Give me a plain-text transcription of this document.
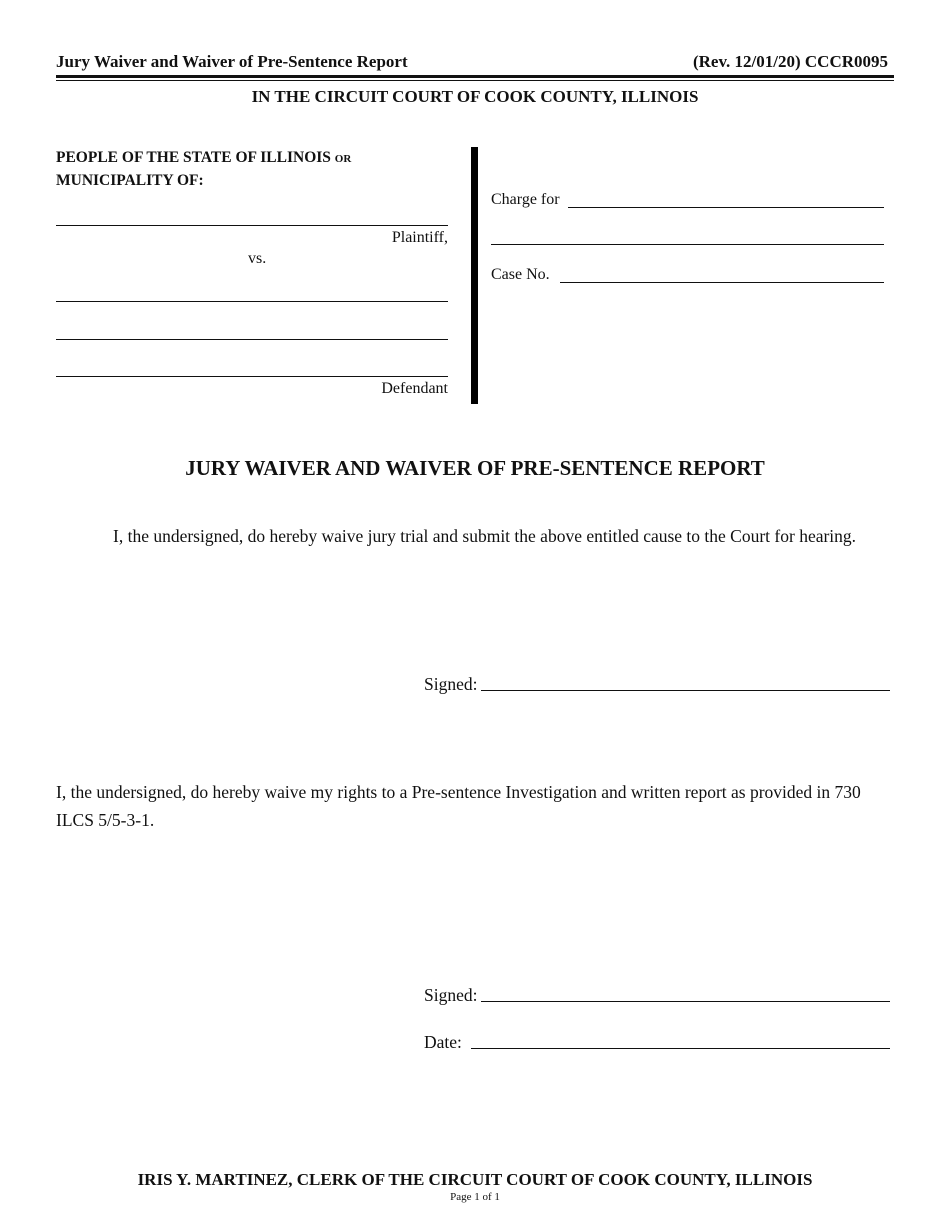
Jury Waiver and Waiver of Pre-Sentence Report	(Rev. 12/01/20) CCCR0095
IN THE CIRCUIT COURT OF COOK COUNTY, ILLINOIS
PEOPLE OF THE STATE OF ILLINOIS OR
MUNICIPALITY OF:
Plaintiff,
vs.
Defendant
Charge for
Case No.
JURY WAIVER AND WAIVER OF PRE-SENTENCE REPORT
I, the undersigned, do hereby waive jury trial and submit the above entitled cause to the Court for hearing.
Signed:
I, the undersigned, do hereby waive my rights to a Pre-sentence Investigation and written report as provided in 730 ILCS 5/5-3-1.
Signed:
Date:
IRIS Y. MARTINEZ, CLERK OF THE CIRCUIT COURT OF COOK COUNTY, ILLINOIS
Page 1 of 1
